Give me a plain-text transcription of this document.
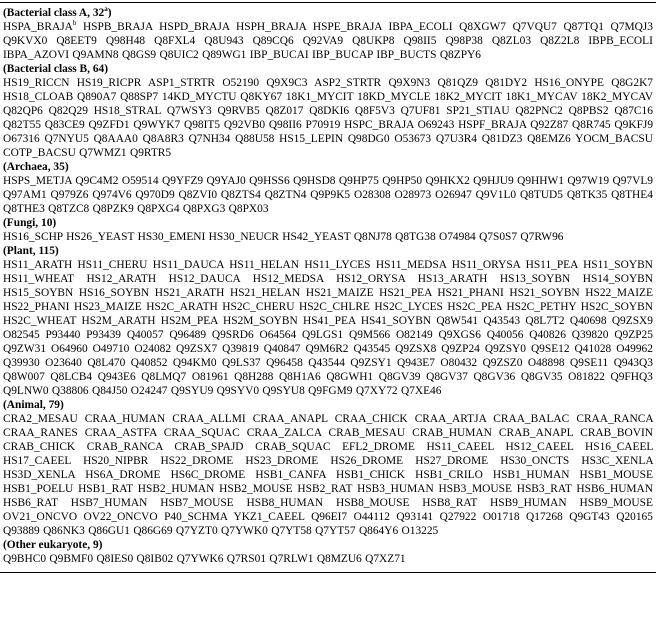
(Bacterial class A, 32$^a$)
HSPA_BRAJA$^b$ HSPB_BRAJA HSPD_BRAJA HSPH_BRAJA HSPE_BRAJA IBPA_ECOLI Q8XGW7 Q7VQU7 Q87TQ1 Q7MQJ3 Q9KVX0 Q8EET9 Q98H48 Q8FXL4 Q8U943 Q89CQ6 Q92VA9 Q8UKP8 Q98II5 Q98P38 Q8ZL03 Q8Z2L8 IBPB_ECOLI IBPA_AZOVI Q9AMN8 Q8GS9 Q8UIC2 Q89WG1 IBP_BUCAI IBP_BUCAP IBP_BUCTS Q8ZPY6
(Bacterial class B, 64)
HS19_RICCN HS19_RICPR ASP1_STRTR O52190 Q9X9C3 ASP2_STRTR Q9X9N3 Q81QZ9 Q81DY2 HS16_ONYPE Q8G2K7 HS18_CLOAB Q890A7 Q88SP7 14KD_MYCTU Q8KY67 18K1_MYCIT 18KD_MYCLE 18K2_MYCIT 18K1_MYCAV 18K2_MYCAV Q82QP6 Q82Q29 HS18_STRAL Q7WSY3 Q9RVB5 Q8Z017 Q8DKI6 Q8F5V3 Q7UF81 SP21_STIAU Q82PNC2 Q8PBS2 Q87C16 Q82T55 Q83CE9 Q9ZFD1 Q9WYK7 Q98IT5 Q92VB0 Q98II6 P70919 HSPC_BRAJA O69243 HSPF_BRAJA Q92Z87 Q8R745 Q9KFJ9 O67316 Q7NYU5 Q8AAA0 Q8A8R3 Q7NH34 Q88U58 HS15_LEPIN Q98DG0 O53673 Q7U3R4 Q81DZ3 Q8EMZ6 YOCM_BACSU COTP_BACSU Q7WMZ1 Q9RTR5
(Archaea, 35)
HSPS_METJA Q9C4M2 O59514 Q9YFZ9 Q9YAJ0 Q9HSS6 Q9HSD8 Q9HP75 Q9HP50 Q9HKX2 Q9HJU9 Q9HHW1 Q97W19 Q97VL9 Q97AM1 Q979Z6 Q974V6 Q970D9 Q8ZVI0 Q8ZTS4 Q8ZTN4 Q9P9K5 O28308 O28973 O26947 Q9V1L0 Q8TUD5 Q8TK35 Q8THE4 Q8THE3 Q8TZC8 Q8PZK9 Q8PXG4 Q8PXG3 Q8PX03
(Fungi, 10)
HS16_SCHP HS26_YEAST HS30_EMENI HS30_NEUCR HS42_YEAST Q8NJ78 Q8TG38 O74984 Q7S0S7 Q7RW96
(Plant, 115)
HS11_ARATH HS11_CHERU HS11_DAUCA HS11_HELAN HS11_LYCES HS11_MEDSA HS11_ORYSA HS11_PEA HS11_SOYBN HS11_WHEAT HS12_ARATH HS12_DAUCA HS12_MEDSA HS12_ORYSA HS13_ARATH HS13_SOYBN HS14_SOYBN HS15_SOYBN HS16_SOYBN HS21_ARATH HS21_HELAN HS21_MAIZE HS21_PEA HS21_PHANI HS21_SOYBN HS22_MAIZE HS22_PHANI HS23_MAIZE HS2C_ARATH HS2C_CHERU HS2C_CHLRE HS2C_LYCES HS2C_PEA HS2C_PETHY HS2C_SOYBN HS2C_WHEAT HS2M_ARATH HS2M_PEA HS2M_SOYBN HS41_PEA HS41_SOYBN Q8W541 Q43543 Q8L7T2 Q40698 Q9ZSX9 O82545 P93440 P93439 Q40057 Q96489 Q9SRD6 O64564 Q9LGS1 Q9M566 O82149 Q9XGS6 Q40056 Q40826 Q39820 Q9ZP25 Q9ZW31 O64960 O49710 O24082 Q9ZSX7 Q39819 Q40847 Q9M6R2 Q43545 Q9ZSX8 Q9ZP24 Q9ZSY0 Q9SE12 Q41028 O49962 Q39930 O23640 Q8L470 Q40852 Q94KM0 Q9LS37 Q96458 Q43544 Q9ZSY1 Q943E7 O80432 Q9ZSZ0 O48898 Q9SE11 Q943Q3 Q8W007 Q8LCB4 Q943E6 Q8LMQ7 O81961 Q8H288 Q8H1A6 Q8GWH1 Q8GV39 Q8GV37 Q8GV36 Q8GV35 O81822 Q9FHQ3 Q9LNW0 Q38806 Q84J50 O24247 Q9SYU9 Q9SYV0 Q9SYU8 Q9FGM9 Q7XY72 Q7XE46
(Animal, 79)
CRA2_MESAU CRAA_HUMAN CRAA_ALLMI CRAA_ANAPL CRAA_CHICK CRAA_ARTJA CRAA_BALAC CRAA_RANCA CRAA_RANES CRAA_ASTFA CRAA_SQUAC CRAA_ZALCA CRAB_MESAU CRAB_HUMAN CRAB_ANAPL CRAB_BOVIN CRAB_CHICK CRAB_RANCA CRAB_SPAJD CRAB_SQUAC EFL2_DROME HS11_CAEEL HS12_CAEEL HS16_CAEEL HS17_CAEEL HS20_NIPBR HS22_DROME HS23_DROME HS26_DROME HS27_DROME HS30_ONCTS HS3C_XENLA HS3D_XENLA HS6A_DROME HS6C_DROME HSB1_CANFA HSB1_CHICK HSB1_CRILO HSB1_HUMAN HSB1_MOUSE HSB1_POELU HSB1_RAT HSB2_HUMAN HSB2_MOUSE HSB2_RAT HSB3_HUMAN HSB3_MOUSE HSB3_RAT HSB6_HUMAN HSB6_RAT HSB7_HUMAN HSB7_MOUSE HSB8_HUMAN HSB8_MOUSE HSB8_RAT HSB9_HUMAN HSB9_MOUSE OV21_ONCVO OV22_ONCVO P40_SCHMA YKZ1_CAEEL Q96EI7 O44112 Q93141 Q27922 O01718 Q17268 Q9GT43 Q20165 Q93889 Q86NK3 Q86GU1 Q86G69 Q7YZT0 Q7YWK0 Q7YT58 Q7YT57 Q864Y6 O13225
(Other eukaryote, 9)
Q9BHC0 Q9BMF0 Q8IES0 Q8IB02 Q7YWK6 Q7RS01 Q7RLW1 Q8MZU6 Q7XZ71
